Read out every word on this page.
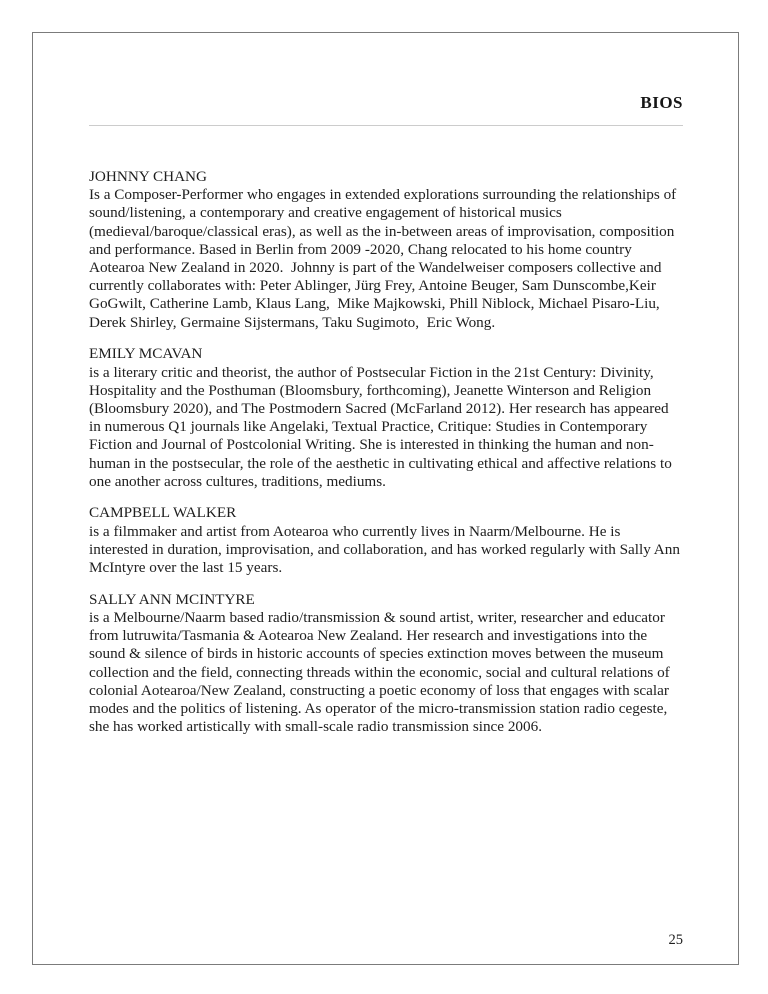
BIOS
JOHNNY CHANG
Is a Composer-Performer who engages in extended explorations surrounding the relationships of sound/listening, a contemporary and creative engagement of historical musics (medieval/baroque/classical eras), as well as the in-between areas of improvisation, composition and performance. Based in Berlin from 2009 -2020, Chang relocated to his home country Aotearoa New Zealand in 2020.  Johnny is part of the Wandelweiser composers collective and currently collaborates with: Peter Ablinger, Jürg Frey, Antoine Beuger, Sam Dunscombe,Keir GoGwilt, Catherine Lamb, Klaus Lang,  Mike Majkowski, Phill Niblock, Michael Pisaro-Liu, Derek Shirley, Germaine Sijstermans, Taku Sugimoto,  Eric Wong.
EMILY MCAVAN
is a literary critic and theorist, the author of Postsecular Fiction in the 21st Century: Divinity, Hospitality and the Posthuman (Bloomsbury, forthcoming), Jeanette Winterson and Religion (Bloomsbury 2020), and The Postmodern Sacred (McFarland 2012). Her research has appeared in numerous Q1 journals like Angelaki, Textual Practice, Critique: Studies in Contemporary Fiction and Journal of Postcolonial Writing. She is interested in thinking the human and non-human in the postsecular, the role of the aesthetic in cultivating ethical and affective relations to one another across cultures, traditions, mediums.
CAMPBELL WALKER
is a filmmaker and artist from Aotearoa who currently lives in Naarm/Melbourne. He is interested in duration, improvisation, and collaboration, and has worked regularly with Sally Ann McIntyre over the last 15 years.
SALLY ANN MCINTYRE
is a Melbourne/Naarm based radio/transmission & sound artist, writer, researcher and educator from lutruwita/Tasmania & Aotearoa New Zealand. Her research and investigations into the sound & silence of birds in historic accounts of species extinction moves between the museum collection and the field, connecting threads within the economic, social and cultural relations of colonial Aotearoa/New Zealand, constructing a poetic economy of loss that engages with scalar modes and the politics of listening. As operator of the micro-transmission station radio cegeste, she has worked artistically with small-scale radio transmission since 2006.
25
